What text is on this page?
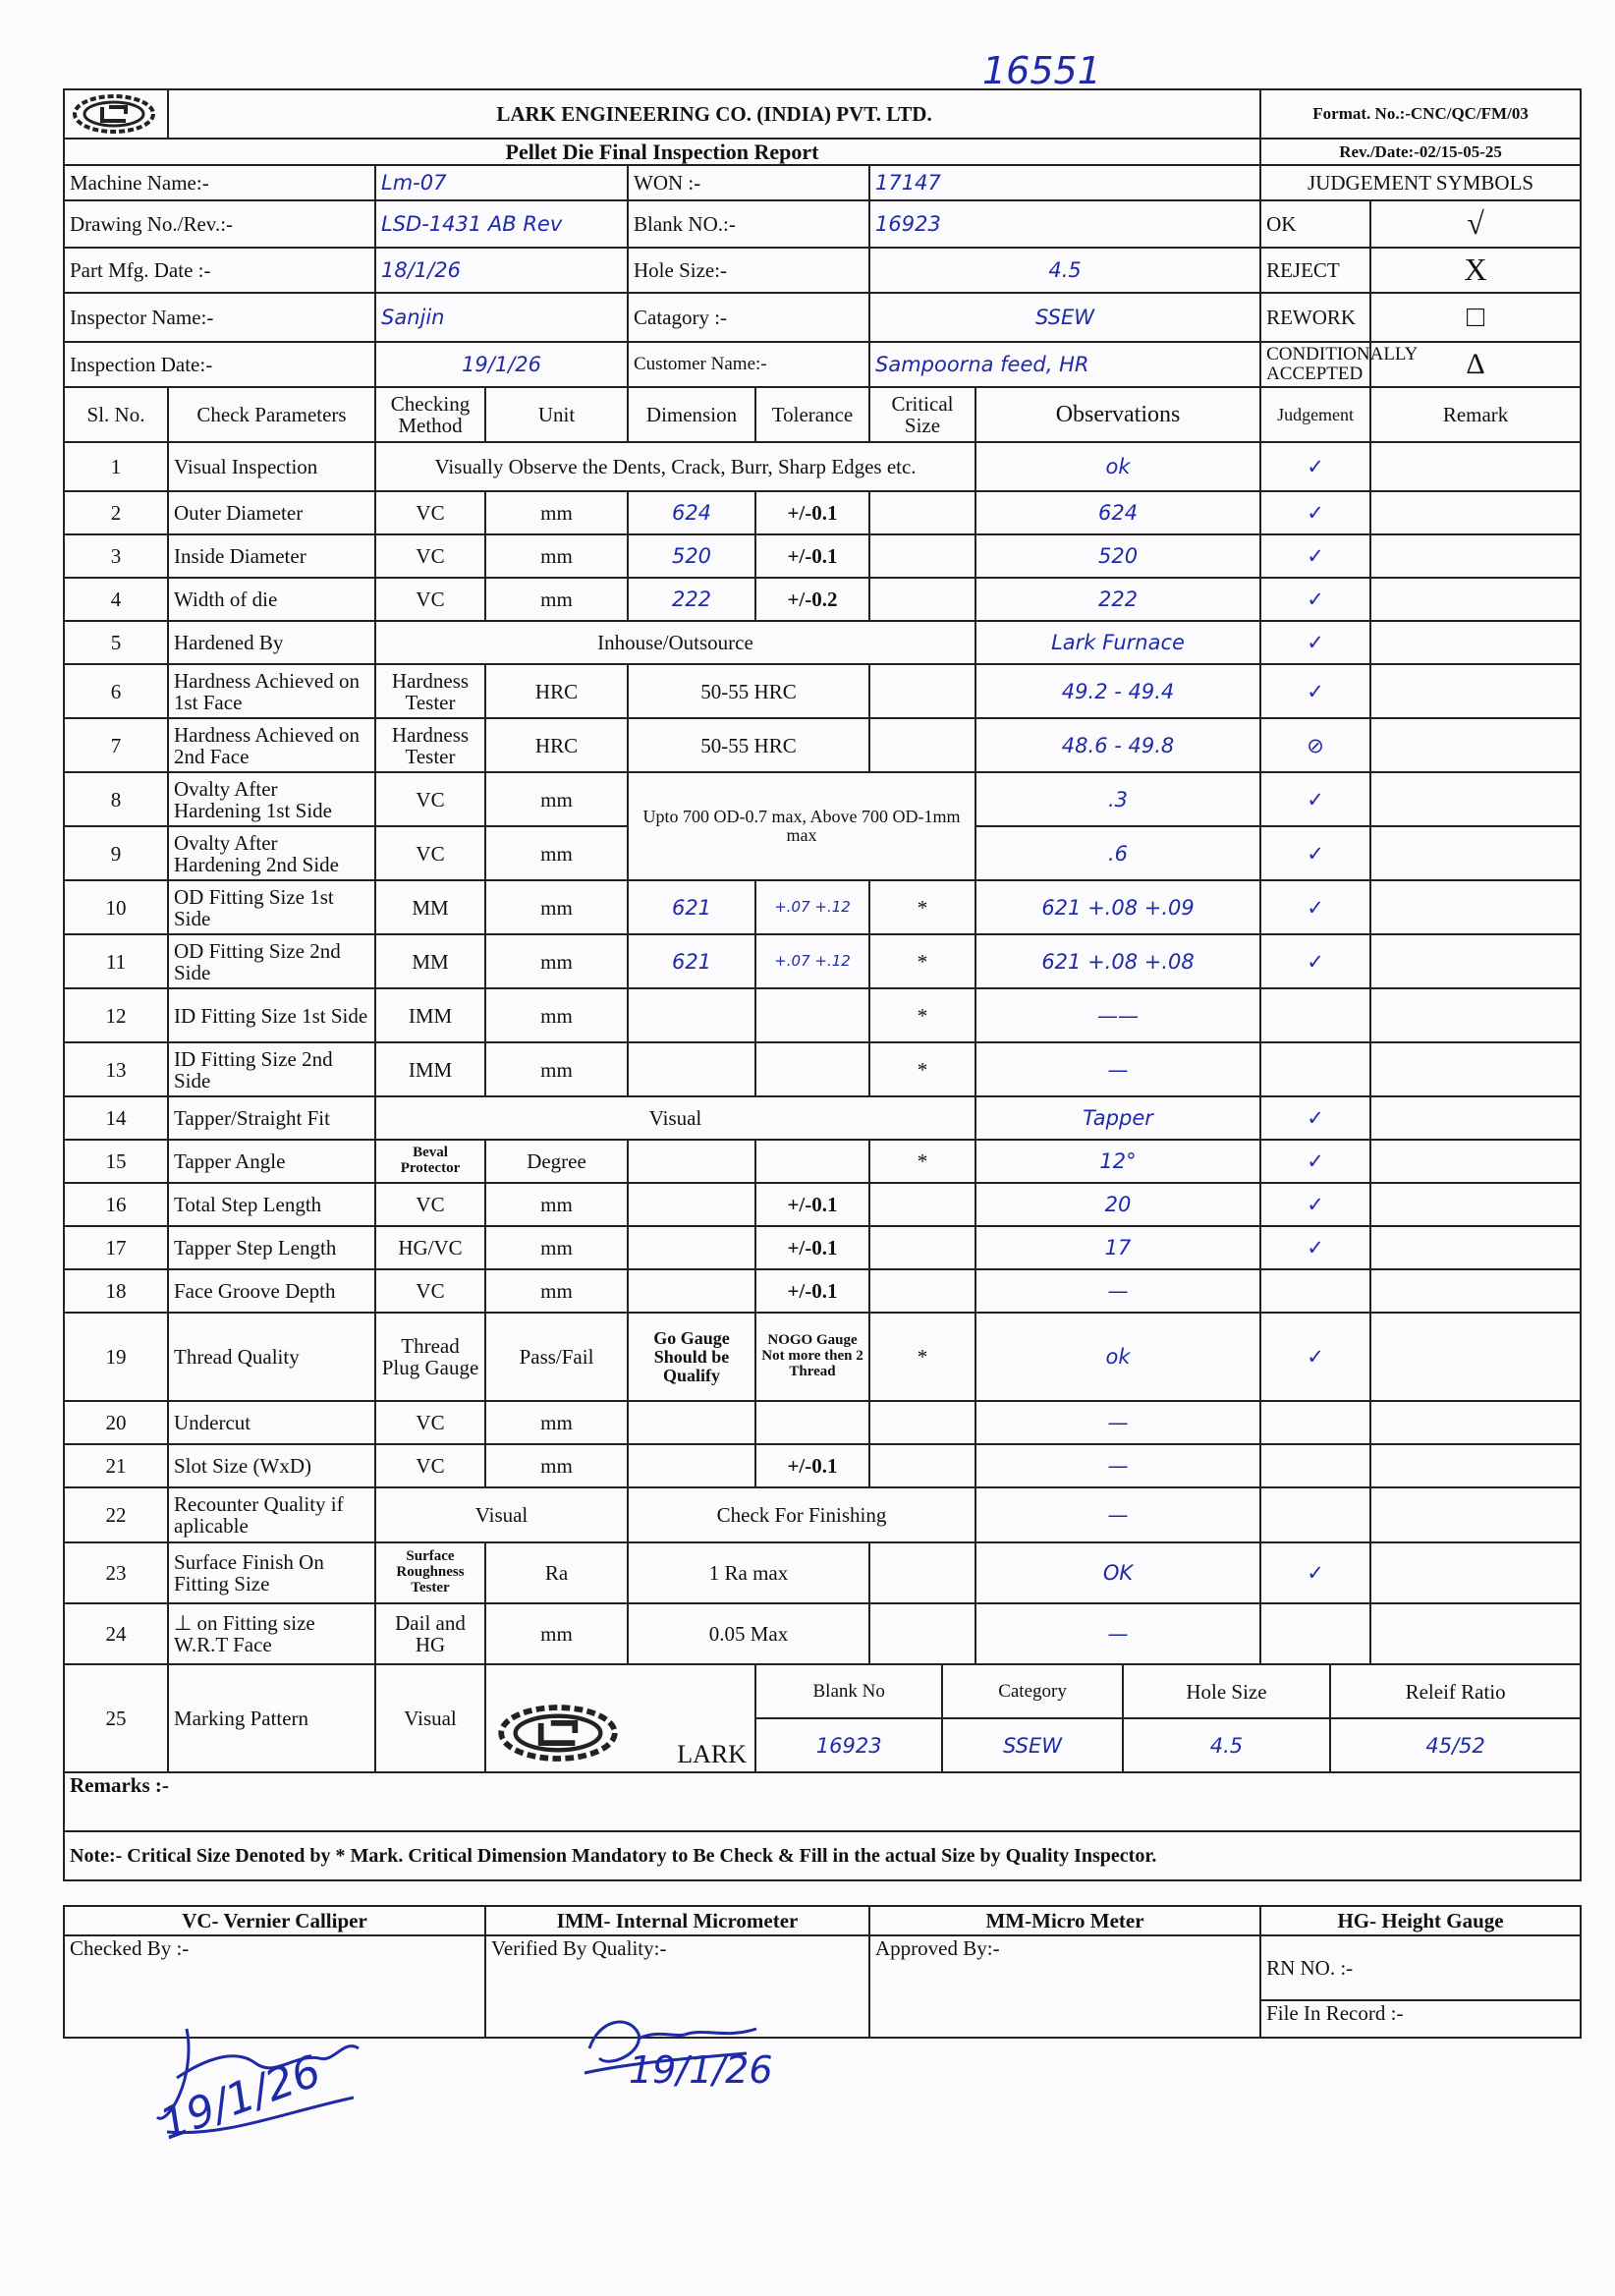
16551
	LARK ENGINEERING CO. (INDIA) PVT. LTD.	Format. No.:-CNC/QC/FM/03
Pellet Die Final Inspection Report	Rev./Date:-02/15-05-25
Machine Name:-	Lm-07	WON :-	17147	JUDGEMENT SYMBOLS
Drawing No./Rev.:-	LSD-1431 AB Rev	Blank NO.:-	16923	OK	√
Part Mfg. Date :-	18/1/26	Hole Size:-	4.5	REJECT	X
Inspector Name:-	Sanjin	Catagory :-	SSEW	REWORK	□
Inspection Date:-	19/1/26	Customer Name:-	Sampoorna feed, HR	CONDITIONALLY ACCEPTED	Δ
Sl. No.	Check Parameters	Checking Method	Unit	Dimension	Tolerance	Critical Size	Observations	Judgement	Remark
1	Visual Inspection	Visually Observe the Dents, Crack, Burr, Sharp Edges etc.	ok	✓	
2	Outer Diameter	VC	mm	624	+/-0.1		624	✓	
3	Inside Diameter	VC	mm	520	+/-0.1		520	✓	
4	Width of die	VC	mm	222	+/-0.2		222	✓	
5	Hardened By	Inhouse/Outsource	Lark Furnace	✓	
6	Hardness Achieved on 1st Face	Hardness Tester	HRC	50-55 HRC		49.2 - 49.4	✓	
7	Hardness Achieved on 2nd Face	Hardness Tester	HRC	50-55 HRC		48.6 - 49.8	⊘	
8	Ovalty After Hardening 1st Side	VC	mm	Upto 700 OD-0.7 max, Above 700 OD-1mm max	.3	✓	
9	Ovalty After Hardening 2nd Side	VC	mm	.6	✓	
10	OD Fitting Size 1st Side	MM	mm	621	+.07 +.12	*	621 +.08 +.09	✓	
11	OD Fitting Size 2nd Side	MM	mm	621	+.07 +.12	*	621 +.08 +.08	✓	
12	ID Fitting Size 1st Side	IMM	mm			*	——		
13	ID Fitting Size 2nd Side	IMM	mm			*	—		
14	Tapper/Straight Fit	Visual	Tapper	✓	
15	Tapper Angle	Beval Protector	Degree			*	12°	✓	
16	Total Step Length	VC	mm		+/-0.1		20	✓	
17	Tapper Step Length	HG/VC	mm		+/-0.1		17	✓	
18	Face Groove Depth	VC	mm		+/-0.1		—		
19	Thread Quality	Thread Plug Gauge	Pass/Fail	Go Gauge Should be Qualify	NOGO Gauge Not more then 2 Thread	*	ok	✓	
20	Undercut	VC	mm				—		
21	Slot Size (WxD)	VC	mm		+/-0.1		—		
22	Recounter Quality if aplicable	Visual	Check For Finishing	—		
23	Surface Finish On Fitting Size	Surface Roughness Tester	Ra	1 Ra max		OK	✓	
24	⊥ on Fitting size W.R.T Face	Dail and HG	mm	0.05 Max		—		
25	Marking Pattern	Visual	
LARK

Blank No	Category	Hole Size	Releif Ratio
16923	SSEW	4.5	45/52

Remarks :-
Note:- Critical Size Denoted by * Mark. Critical Dimension Mandatory to Be Check & Fill in the actual Size by Quality Inspector.

VC- Vernier Calliper	IMM- Internal Micrometer	MM-Micro Meter	HG- Height Gauge
Checked By :-	Verified By Quality:-	Approved By:-	RN NO. :-
File In Record :-
19/1/26	19/1/26
